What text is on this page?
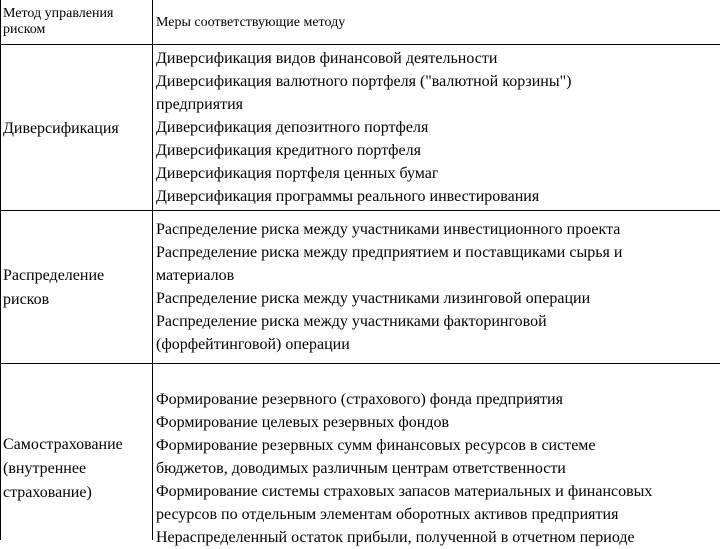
Метод управления
риском	Меры соответствующие методу
Диверсификация
Диверсификация видов финансовой деятельности
Диверсификация валютного портфеля ("валютной корзины")
предприятия
Диверсификация депозитного портфеля
Диверсификация кредитного портфеля
Диверсификация портфеля ценных бумаг
Диверсификация программы реального инвестирования
Распределение
рисков
Распределение риска между участниками инвестиционного проекта
Распределение риска между предприятием и поставщиками сырья и
материалов
Распределение риска между участниками лизинговой операции
Распределение риска между участниками факторинговой
(форфейтинговой) операции
Самострахование
(внутреннее
страхование)
Формирование резервного (страхового) фонда предприятия
Формирование целевых резервных фондов
Формирование резервных сумм финансовых ресурсов в системе
бюджетов, доводимых различным центрам ответственности
Формирование системы страховых запасов материальных и финансовых
ресурсов по отдельным элементам оборотных активов предприятия
Нераспределенный остаток прибыли, полученной в отчетном периоде
